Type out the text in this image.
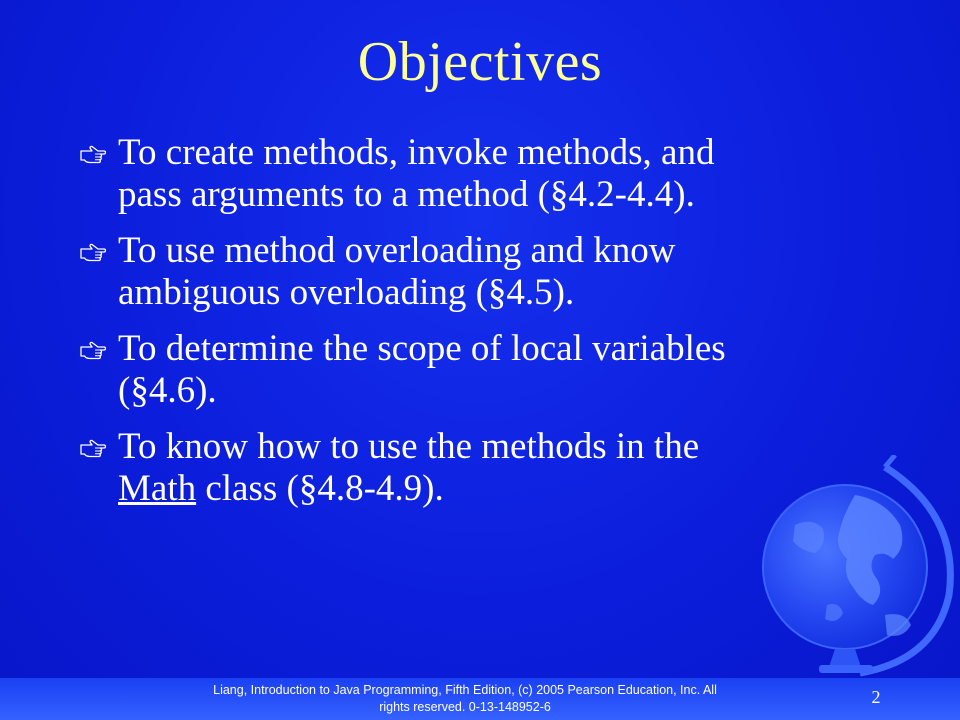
Objectives
To create methods, invoke methods, and
pass arguments to a method (§4.2-4.4).
To use method overloading and know
ambiguous overloading (§4.5).
To determine the scope of local variables
(§4.6).
To know how to use the methods in the
Math class (§4.8-4.9).
Liang, Introduction to Java Programming, Fifth Edition, (c) 2005 Pearson Education, Inc. All
rights reserved. 0-13-148952-6	2
